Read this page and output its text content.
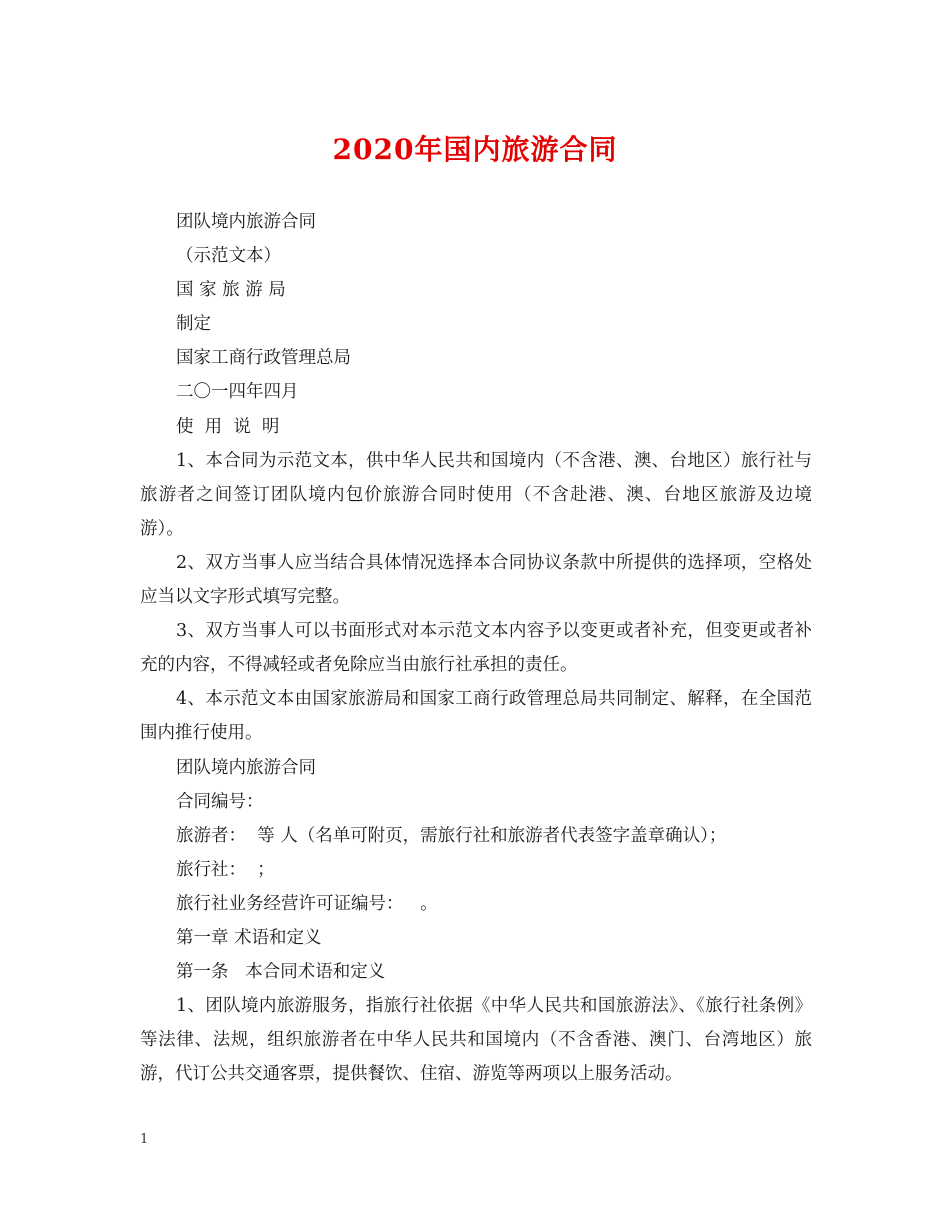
2020年国内旅游合同

团队境内旅游合同

（示范文本）

国 家 旅 游 局

制定

国家工商行政管理总局

二〇一四年四月

使  用  说  明

1、本合同为示范文本，供中华人民共和国境内（不含港、澳、台地区）旅行社与旅游者之间签订团队境内包价旅游合同时使用（不含赴港、澳、台地区旅游及边境游）。

2、双方当事人应当结合具体情况选择本合同协议条款中所提供的选择项，空格处应当以文字形式填写完整。

3、双方当事人可以书面形式对本示范文本内容予以变更或者补充，但变更或者补充的内容，不得减轻或者免除应当由旅行社承担的责任。

4、本示范文本由国家旅游局和国家工商行政管理总局共同制定、解释，在全国范围内推行使用。

团队境内旅游合同

合同编号：

旅游者：  等 人（名单可附页，需旅行社和旅游者代表签字盖章确认）；

旅行社：  ；

旅行社业务经营许可证编号：   。

第一章 术语和定义

第一条   本合同术语和定义

1、团队境内旅游服务，指旅行社依据《中华人民共和国旅游法》、《旅行社条例》等法律、法规，组织旅游者在中华人民共和国境内（不含香港、澳门、台湾地区）旅游，代订公共交通客票，提供餐饮、住宿、游览等两项以上服务活动。

1
